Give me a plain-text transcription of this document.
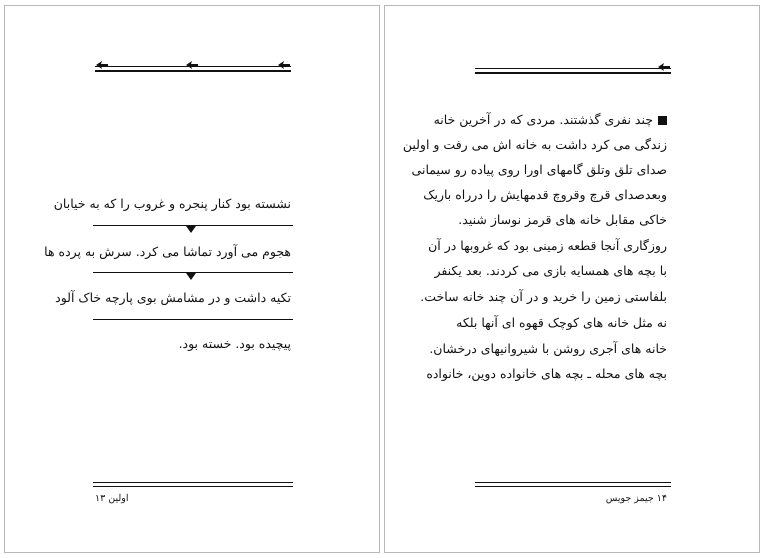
نشسته بود کنار پنجره و غروب را که به خیابان
هجوم می آورد تماشا می کرد. سرش به پرده ها
تکیه داشت و در مشامش بوی پارچه خاک آلود
پیچیده بود. خسته بود.
اولین ۱۳
چند نفری گذشتند. مردی که در آخرین خانه
زندگی می کرد داشت به خانه اش می رفت و اولین
صدای تلق وتلق گامهای اورا روی پیاده رو سیمانی
وبعدصدای قرچ وقروچ قدمهایش را درراه باریک
خاکی مقابل خانه های قرمز نوساز شنید.
روزگاری آنجا قطعه زمینی بود که غروبها در آن
با بچه های همسایه بازی می کردند. بعد یکنفر
بلفاستی زمین را خرید و در آن چند خانه ساخت.
نه مثل خانه های کوچک قهوه ای آنها بلکه
خانه های آجری روشن با شیروانیهای درخشان.
بچه های محله ـ بچه های خانواده دوین، خانواده
۱۴ جیمز جویس
